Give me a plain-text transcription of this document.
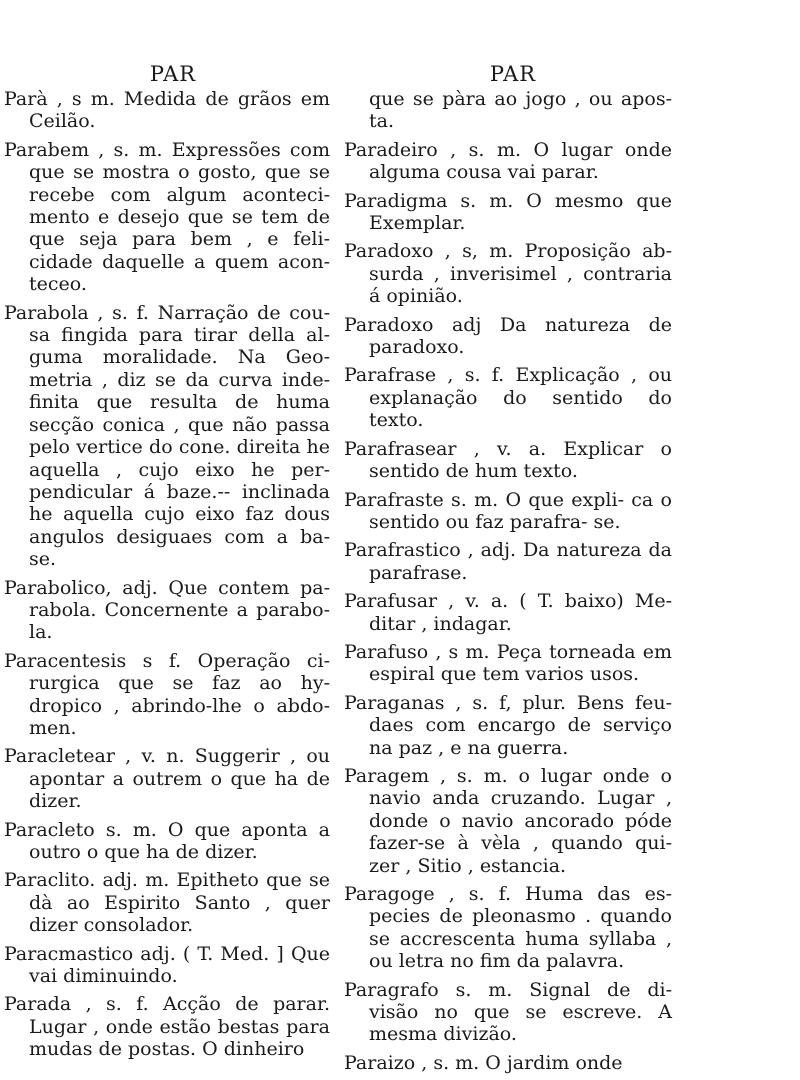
PAR
Parà , s m. Medida de grãos em Ceilão.
Parabem , s. m. Expressões com que se mostra o gosto, que se recebe com algum aconteci- mento e desejo que se tem de que seja para bem , e feli- cidade daquelle a quem acon- teceo.
Parabola , s. f. Narração de cou- sa fingida para tirar della al- guma moralidade. Na Geo- metria , diz se da curva inde- finita que resulta de huma secção conica , que não passa pelo vertice do cone. direita he aquella , cujo eixo he per- pendicular á baze.-- inclinada he aquella cujo eixo faz dous angulos desiguaes com a ba- se.
Parabolico, adj. Que contem pa- rabola. Concernente a parabo- la.
Paracentesis s f. Operação ci- rurgica que se faz ao hy- dropico , abrindo-lhe o abdo- men.
Paracletear , v. n. Suggerir , ou apontar a outrem o que ha de dizer.
Paracleto s. m. O que aponta a outro o que ha de dizer.
Paraclito. adj. m. Epitheto que se dà ao Espirito Santo , quer dizer consolador.
Paracmastico adj. ( T. Med. ] Que vai diminuindo.
Parada , s. f. Acção de parar. Lugar , onde estão bestas para mudas de postas. O dinheiro
PAR
que se pàra ao jogo , ou apos- ta.
Paradeiro , s. m. O lugar onde alguma cousa vai parar.
Paradigma s. m. O mesmo que Exemplar.
Paradoxo , s, m. Proposição ab- surda , inverisimel , contraria á opinião.
Paradoxo adj Da natureza de paradoxo.
Parafrase , s. f. Explicação , ou explanação do sentido do texto.
Parafrasear , v. a. Explicar o sentido de hum texto.
Parafraste s. m. O que expli- ca o sentido ou faz parafra- se.
Parafrastico , adj. Da natureza da parafrase.
Parafusar , v. a. ( T. baixo) Me- ditar , indagar.
Parafuso , s m. Peça torneada em espiral que tem varios usos.
Paraganas , s. f, plur. Bens feu- daes com encargo de serviço na paz , e na guerra.
Paragem , s. m. o lugar onde o navio anda cruzando. Lugar , donde o navio ancorado póde fazer-se à vèla , quando qui- zer , Sitio , estancia.
Paragoge , s. f. Huma das es- pecies de pleonasmo . quando se accrescenta huma syllaba , ou letra no fim da palavra.
Paragrafo s. m. Signal de di- visão no que se escreve. A mesma divizão.
Paraizo , s. m. O jardim onde
